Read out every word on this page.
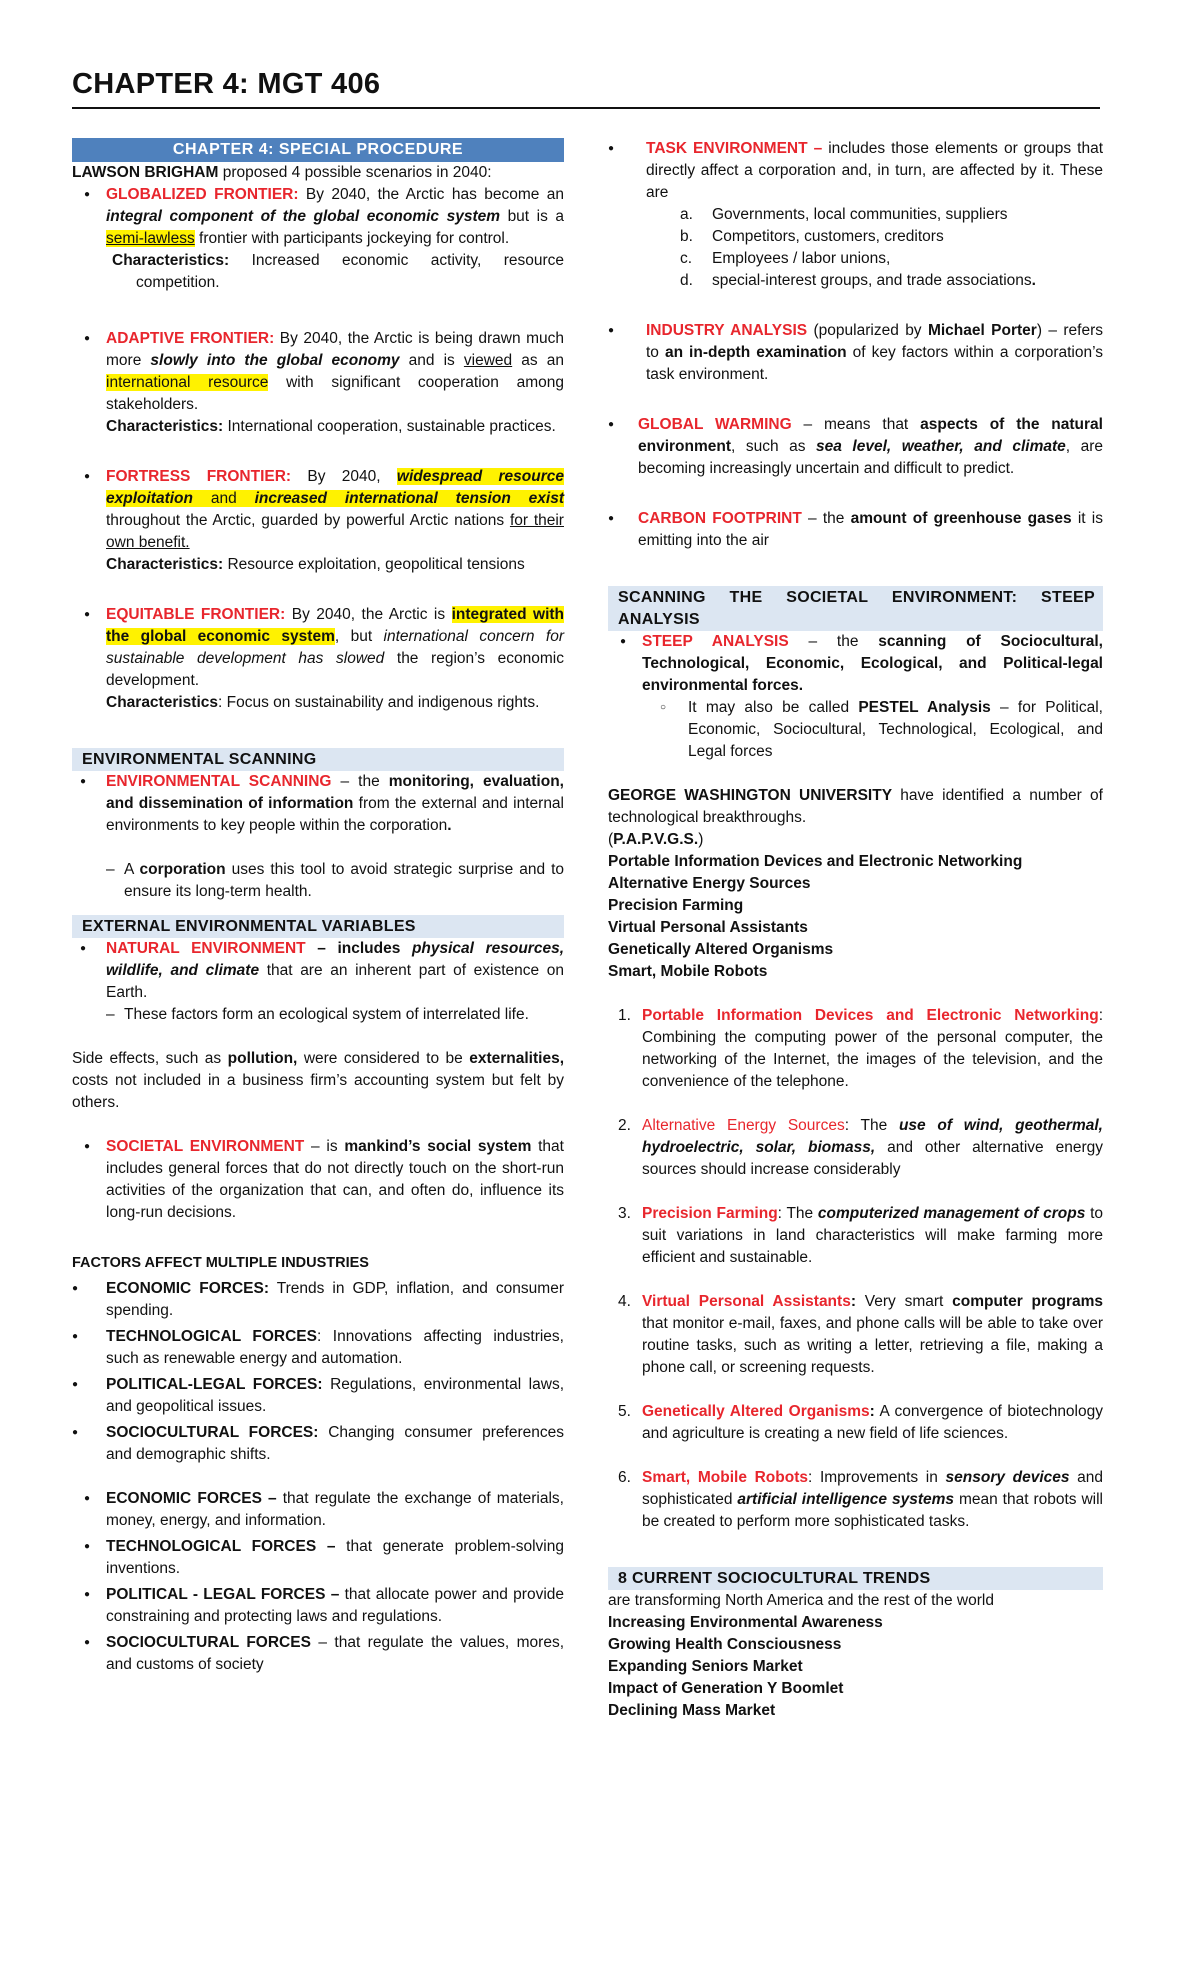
CHAPTER 4: MGT 406
CHAPTER 4: SPECIAL PROCEDURE

LAWSON BRIGHAM proposed 4 possible scenarios in 2040:

● GLOBALIZED FRONTIER: By 2040, the Arctic has become an integral component of the global economic system but is a semi-lawless frontier with participants jockeying for control.

Characteristics: Increased economic activity, resource competition.

● ADAPTIVE FRONTIER: By 2040, the Arctic is being drawn much more slowly into the global economy and is viewed as an international resource with significant cooperation among stakeholders.

Characteristics: International cooperation, sustainable practices.

● FORTRESS FRONTIER: By 2040, widespread resource exploitation and increased international tension exist throughout the Arctic, guarded by powerful Arctic nations for their own benefit.

Characteristics: Resource exploitation, geopolitical tensions

● EQUITABLE FRONTIER: By 2040, the Arctic is integrated with the global economic system, but international concern for sustainable development has slowed the region’s economic development.

Characteristics: Focus on sustainability and indigenous rights.

ENVIRONMENTAL SCANNING

● ENVIRONMENTAL SCANNING – the monitoring, evaluation, and dissemination of information from the external and internal environments to key people within the corporation.

– A corporation uses this tool to avoid strategic surprise and to ensure its long-term health.

EXTERNAL ENVIRONMENTAL VARIABLES

● NATURAL ENVIRONMENT – includes physical resources, wildlife, and climate that are an inherent part of existence on Earth.

– These factors form an ecological system of interrelated life.

Side effects, such as pollution, were considered to be externalities, costs not included in a business firm’s accounting system but felt by others.

● SOCIETAL ENVIRONMENT – is mankind’s social system that includes general forces that do not directly touch on the short-run activities of the organization that can, and often do, influence its long-run decisions.

FACTORS AFFECT MULTIPLE INDUSTRIES

● ECONOMIC FORCES: Trends in GDP, inflation, and consumer spending.

● TECHNOLOGICAL FORCES: Innovations affecting industries, such as renewable energy and automation.

● POLITICAL-LEGAL FORCES: Regulations, environmental laws, and geopolitical issues.

● SOCIOCULTURAL FORCES: Changing consumer preferences and demographic shifts.

● ECONOMIC FORCES – that regulate the exchange of materials, money, energy, and information.

● TECHNOLOGICAL FORCES – that generate problem-solving inventions.

● POLITICAL - LEGAL FORCES – that allocate power and provide constraining and protecting laws and regulations.

● SOCIOCULTURAL FORCES – that regulate the values, mores, and customs of society

● TASK ENVIRONMENT – includes those elements or groups that directly affect a corporation and, in turn, are affected by it. These are

a. Governments, local communities, suppliers

b. Competitors, customers, creditors

c. Employees / labor unions,

d. special-interest groups, and trade associations.

● INDUSTRY ANALYSIS (popularized by Michael Porter) – refers to an in-depth examination of key factors within a corporation’s task environment.

● GLOBAL WARMING – means that aspects of the natural environment, such as sea level, weather, and climate, are becoming increasingly uncertain and difficult to predict.

● CARBON FOOTPRINT – the amount of greenhouse gases it is emitting into the air

SCANNING THE SOCIETAL ENVIRONMENT: STEEP ANALYSIS

● STEEP ANALYSIS – the scanning of Sociocultural, Technological, Economic, Ecological, and Political-legal environmental forces.

○ It may also be called PESTEL Analysis – for Political, Economic, Sociocultural, Technological, Ecological, and Legal forces

GEORGE WASHINGTON UNIVERSITY have identified a number of technological breakthroughs.

(P.A.P.V.G.S.)

Portable Information Devices and Electronic Networking

Alternative Energy Sources

Precision Farming

Virtual Personal Assistants

Genetically Altered Organisms

Smart, Mobile Robots

1. Portable Information Devices and Electronic Networking: Combining the computing power of the personal computer, the networking of the Internet, the images of the television, and the convenience of the telephone.

2. Alternative Energy Sources: The use of wind, geothermal, hydroelectric, solar, biomass, and other alternative energy sources should increase considerably

3. Precision Farming: The computerized management of crops to suit variations in land characteristics will make farming more efficient and sustainable.

4. Virtual Personal Assistants: Very smart computer programs that monitor e-mail, faxes, and phone calls will be able to take over routine tasks, such as writing a letter, retrieving a file, making a phone call, or screening requests.

5. Genetically Altered Organisms: A convergence of biotechnology and agriculture is creating a new field of life sciences.

6. Smart, Mobile Robots: Improvements in sensory devices and sophisticated artificial intelligence systems mean that robots will be created to perform more sophisticated tasks.

8 CURRENT SOCIOCULTURAL TRENDS

are transforming North America and the rest of the world

Increasing Environmental Awareness

Growing Health Consciousness

Expanding Seniors Market

Impact of Generation Y Boomlet

Declining Mass Market
